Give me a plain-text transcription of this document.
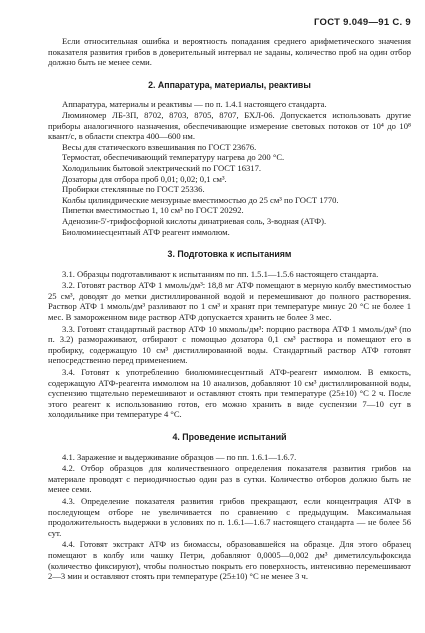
ГОСТ 9.049—91 С. 9

Если относительная ошибка и вероятность попадания среднего арифметического значения показателя развития грибов в доверительный интервал не заданы, количество проб на один отбор должно быть не менее семи.

2. Аппаратура, материалы, реактивы

Аппаратура, материалы и реактивы — по п. 1.4.1 настоящего стандарта.

Люминомер ЛБ-3П, 8702, 8703, 8705, 8707, БХЛ-06. Допускается использовать другие приборы аналогичного назначения, обеспечивающие измерение световых потоков от 10⁴ до 10⁸ квант/с, в области спектра 400—600 нм.

Весы для статического взвешивания по ГОСТ 23676.

Термостат, обеспечивающий температуру нагрева до 200 °С.

Холодильник бытовой электрический по ГОСТ 16317.

Дозаторы для отбора проб 0,01; 0,02; 0,1 см³.

Пробирки стеклянные по ГОСТ 25336.

Колбы цилиндрические мензурные вместимостью до 25 см³ по ГОСТ 1770.

Пипетки вместимостью 1, 10 см³ по ГОСТ 20292.

Аденозин-5'-трифосфорной кислоты динатриевая соль, 3-водная (АТФ).

Биолюминесцентный АТФ реагент иммолюм.

3. Подготовка к испытаниям

3.1. Образцы подготавливают к испытаниям по пп. 1.5.1—1.5.6 настоящего стандарта.

3.2. Готовят раствор АТФ 1 ммоль/дм³: 18,8 мг АТФ помещают в мерную колбу вместимостью 25 см³, доводят до метки дистиллированной водой и перемешивают до полного растворения. Раствор АТФ 1 ммоль/дм³ разливают по 1 см³ и хранят при температуре минус 20 °С не более 1 мес. В замороженном виде раствор АТФ допускается хранить не более 3 мес.

3.3. Готовят стандартный раствор АТФ 10 мкмоль/дм³: порцию раствора АТФ 1 ммоль/дм³ (по п. 3.2) размораживают, отбирают с помощью дозатора 0,1 см³ раствора и помещают его в пробирку, содержащую 10 см³ дистиллированной воды. Стандартный раствор АТФ готовят непосредственно перед применением.

3.4. Готовят к употреблению биолюминесцентный АТФ-реагент иммолюм. В емкость, содержащую АТФ-реагента иммолюм на 10 анализов, добавляют 10 см³ дистиллированной воды, суспензию тщательно перемешивают и оставляют стоять при температуре (25±10) °С 2 ч. После этого реагент к использованию готов, его можно хранить в виде суспензии 7—10 сут в холодильнике при температуре 4 °С.

4. Проведение испытаний

4.1. Заражение и выдерживание образцов — по пп. 1.6.1—1.6.7.

4.2. Отбор образцов для количественного определения показателя развития грибов на материале проводят с периодичностью один раз в сутки. Количество отборов должно быть не менее семи.

4.3. Определение показателя развития грибов прекращают, если концентрация АТФ в последующем отборе не увеличивается по сравнению с предыдущим. Максимальная продолжительность выдержки в условиях по п. 1.6.1—1.6.7 настоящего стандарта — не более 56 сут.

4.4. Готовят экстракт АТФ из биомассы, образовавшейся на образце. Для этого образец помещают в колбу или чашку Петри, добавляют 0,0005—0,002 дм³ диметилсульфоксида (количество фиксируют), чтобы полностью покрыть его поверхность, интенсивно перемешивают 2—3 мин и оставляют стоять при температуре (25±10) °С не менее 3 ч.
